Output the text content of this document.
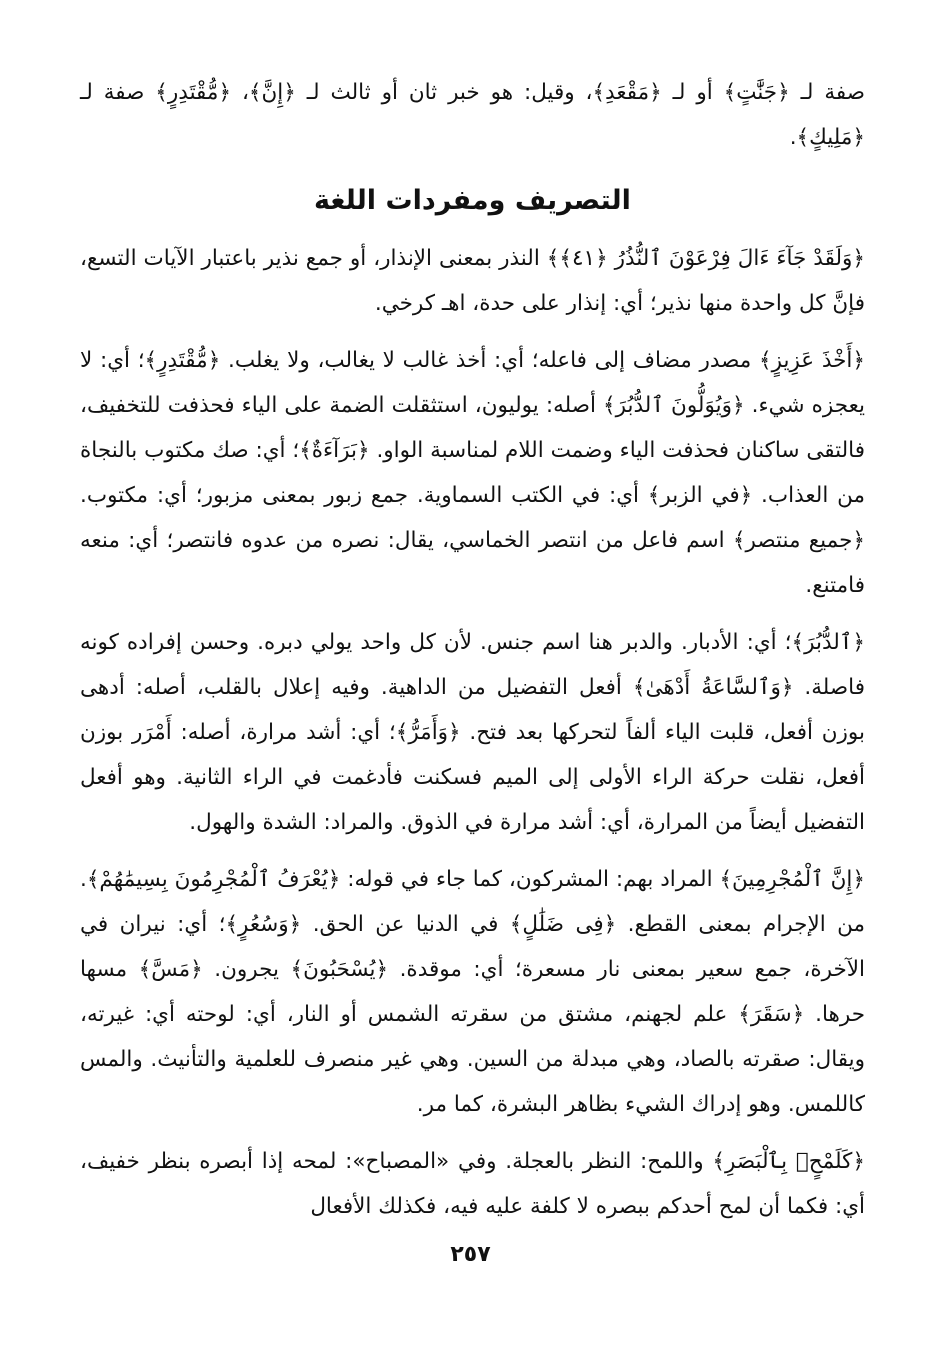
صفة لـ ﴿جَنَّٰتٍ﴾ أو لـ ﴿مَقْعَدِ﴾، وقيل: هو خبر ثان أو ثالث لـ ﴿إِنَّ﴾، ﴿مُّقْتَدِرٍ﴾ صفة لـ ﴿مَلِيكٍ﴾.

التصريف ومفردات اللغة

﴿وَلَقَدْ جَآءَ ءَالَ فِرْعَوْنَ ٱلنُّذُرُ ﴿٤١﴾﴾ النذر بمعنى الإنذار، أو جمع نذير باعتبار الآيات التسع، فإنَّ كل واحدة منها نذير؛ أي: إنذار على حدة، اهـ كرخي.

﴿أَخْذَ عَزِيزٍ﴾ مصدر مضاف إلى فاعله؛ أي: أخذ غالب لا يغالب، ولا يغلب. ﴿مُّقْتَدِرٍ﴾؛ أي: لا يعجزه شيء. ﴿وَيُوَلُّونَ ٱلدُّبُرَ﴾ أصله: يوليون، استثقلت الضمة على الياء فحذفت للتخفيف، فالتقى ساكنان فحذفت الياء وضمت اللام لمناسبة الواو. ﴿بَرَآءَةٌ﴾؛ أي: صك مكتوب بالنجاة من العذاب. ﴿في الزبر﴾ أي: في الكتب السماوية. جمع زبور بمعنى مزبور؛ أي: مكتوب. ﴿جميع منتصر﴾ اسم فاعل من انتصر الخماسي، يقال: نصره من عدوه فانتصر؛ أي: منعه فامتنع.

﴿ٱلدُّبُرَ﴾؛ أي: الأدبار. والدبر هنا اسم جنس. لأن كل واحد يولي دبره. وحسن إفراده كونه فاصلة. ﴿وَٱلسَّاعَةُ أَدْهَىٰ﴾ أفعل التفضيل من الداهية. وفيه إعلال بالقلب، أصله: أدهى بوزن أفعل، قلبت الياء ألفاً لتحركها بعد فتح. ﴿وَأَمَرُّ﴾؛ أي: أشد مرارة، أصله: أَمْرَر بوزن أفعل، نقلت حركة الراء الأولى إلى الميم فسكنت فأدغمت في الراء الثانية. وهو أفعل التفضيل أيضاً من المرارة، أي: أشد مرارة في الذوق. والمراد: الشدة والهول.

﴿إِنَّ ٱلْمُجْرِمِينَ﴾ المراد بهم: المشركون، كما جاء في قوله: ﴿يُعْرَفُ ٱلْمُجْرِمُونَ بِسِيمَٰهُمْ﴾. من الإجرام بمعنى القطع. ﴿فِى ضَلَٰلٍ﴾ في الدنيا عن الحق. ﴿وَسُعُرٍ﴾؛ أي: نيران في الآخرة، جمع سعير بمعنى نار مسعرة؛ أي: موقدة. ﴿يُسْحَبُونَ﴾ يجرون. ﴿مَسَّ﴾ مسها حرها. ﴿سَقَرَ﴾ علم لجهنم، مشتق من سقرته الشمس أو النار، أي: لوحته أي: غيرته، ويقال: صقرته بالصاد، وهي مبدلة من السين. وهي غير منصرف للعلمية والتأنيث. والمس كاللمس. وهو إدراك الشيء بظاهر البشرة، كما مر.

﴿كَلَمْحٍۭ بِٱلْبَصَرِ﴾ واللمح: النظر بالعجلة. وفي «المصباح»: لمحه إذا أبصره بنظر خفيف، أي: فكما أن لمح أحدكم ببصره لا كلفة عليه فيه، فكذلك الأفعال

٢٥٧
